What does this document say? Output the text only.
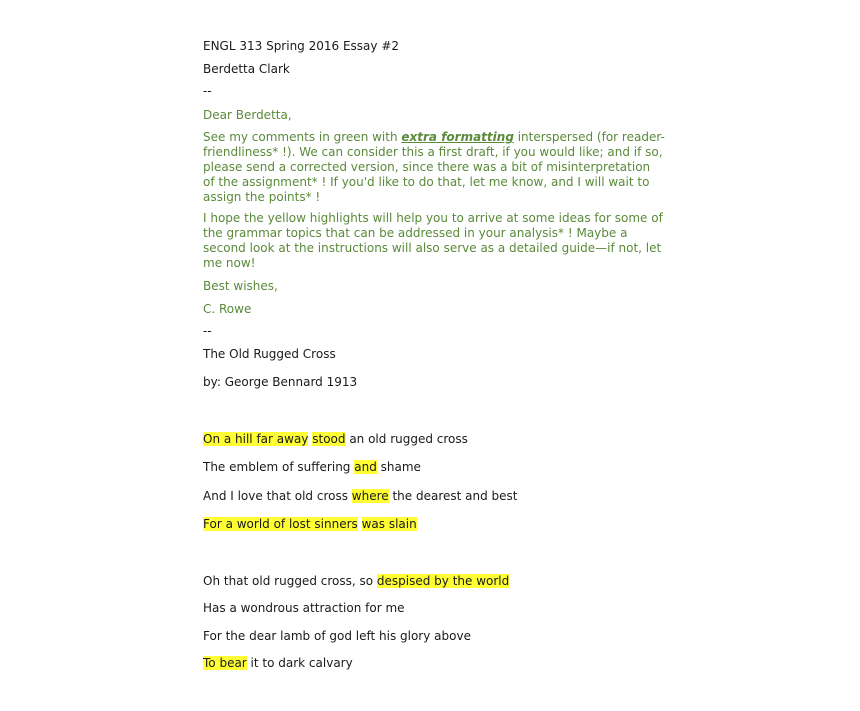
ENGL 313 Spring 2016 Essay #2
Berdetta Clark
--
Dear Berdetta,
See my comments in green with extra formatting interspersed (for reader-friendliness* !). We can consider this a first draft, if you would like; and if so, please send a corrected version, since there was a bit of misinterpretation of the assignment* ! If you'd like to do that, let me know, and I will wait to assign the points* !
I hope the yellow highlights will help you to arrive at some ideas for some of the grammar topics that can be addressed in your analysis* ! Maybe a second look at the instructions will also serve as a detailed guide—if not, let me now!
Best wishes,
C. Rowe
--
The Old Rugged Cross
by: George Bennard 1913
On a hill far away stood an old rugged cross
The emblem of suffering and shame
And I love that old cross where the dearest and best
For a world of lost sinners was slain
Oh that old rugged cross, so despised by the world
Has a wondrous attraction for me
For the dear lamb of god left his glory above
To bear it to dark calvary
